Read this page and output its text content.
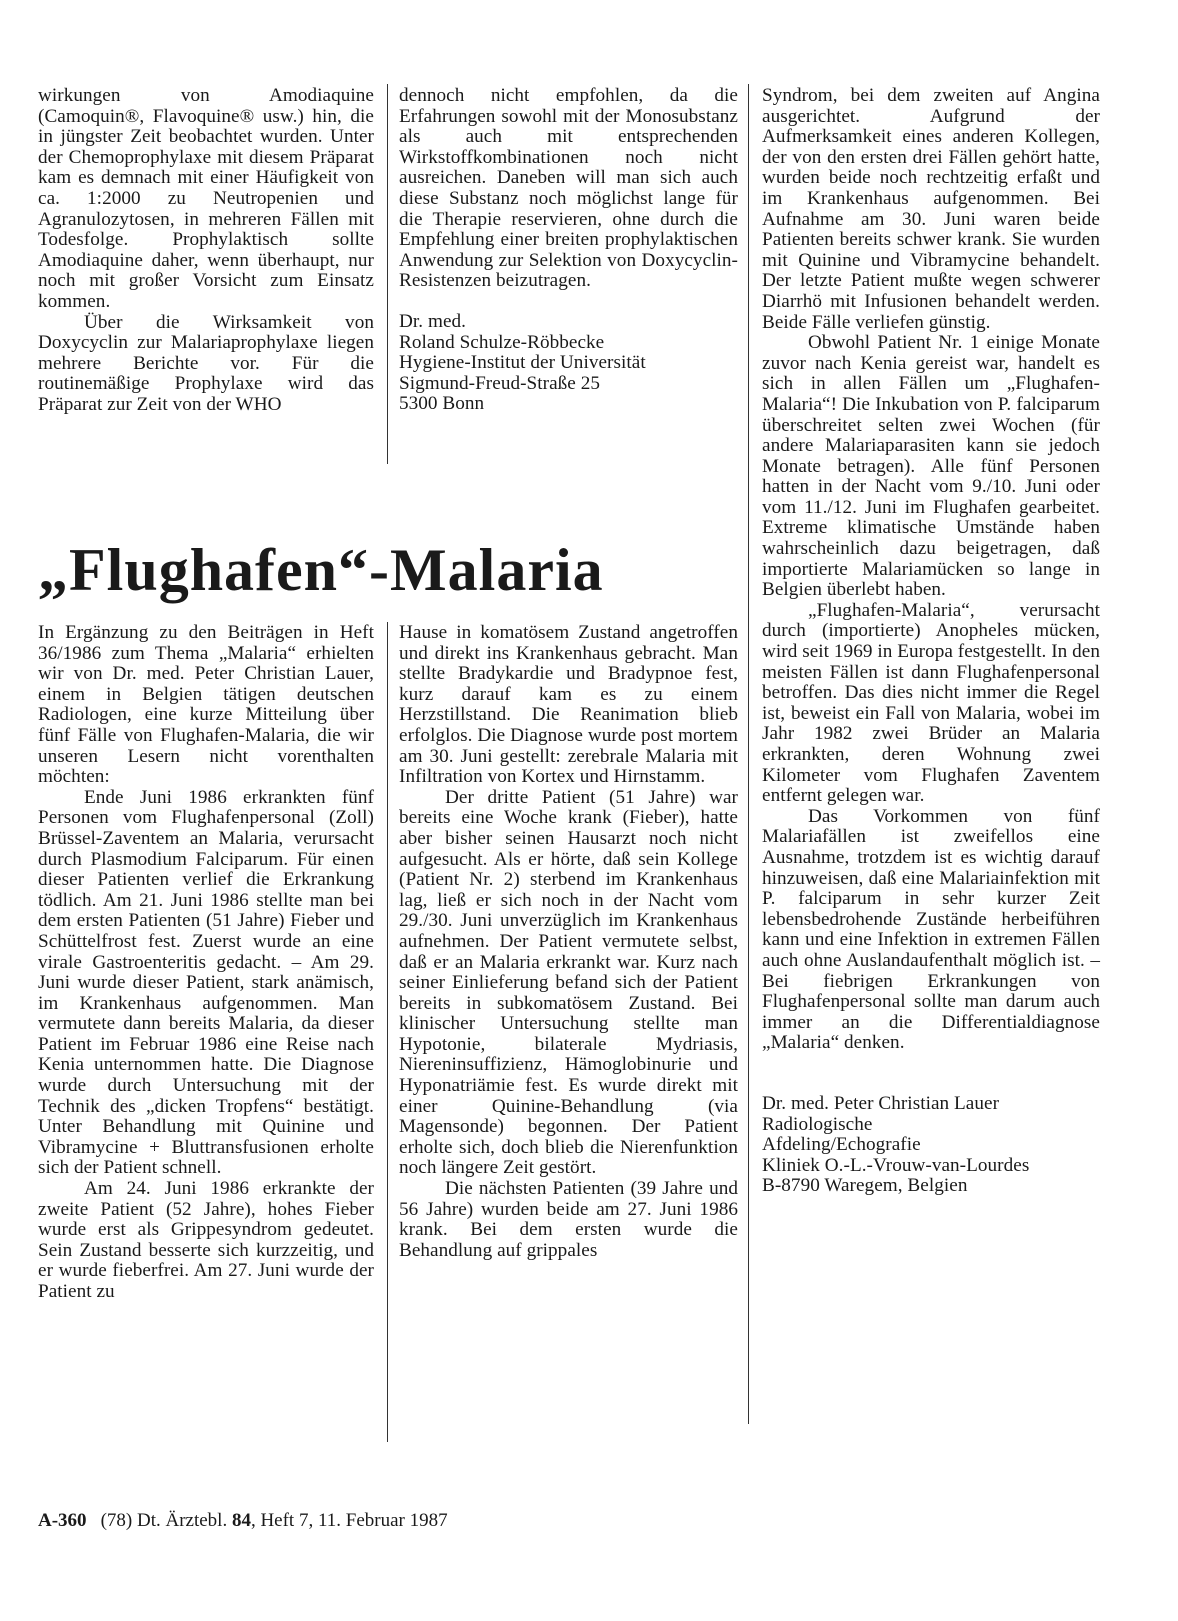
wirkungen von Amodiaquine (Camoquin®, Flavoquine® usw.) hin, die in jüngster Zeit beobachtet wurden. Unter der Chemoprophylaxe mit diesem Präparat kam es demnach mit einer Häufigkeit von ca. 1:2000 zu Neutropenien und Agranulozytosen, in mehreren Fällen mit Todesfolge. Prophylaktisch sollte Amodiaquine daher, wenn überhaupt, nur noch mit großer Vorsicht zum Einsatz kommen.

Über die Wirksamkeit von Doxycyclin zur Malariaprophylaxe liegen mehrere Berichte vor. Für die routinemäßige Prophylaxe wird das Präparat zur Zeit von der WHO

dennoch nicht empfohlen, da die Erfahrungen sowohl mit der Monosubstanz als auch mit entsprechenden Wirkstoffkombinationen noch nicht ausreichen. Daneben will man sich auch diese Substanz noch möglichst lange für die Therapie reservieren, ohne durch die Empfehlung einer breiten prophylaktischen Anwendung zur Selektion von Doxycyclin-Resistenzen beizutragen.

Dr. med.
Roland Schulze-Röbbecke
Hygiene-Institut der Universität
Sigmund-Freud-Straße 25
5300 Bonn
„Flughafen“-Malaria

In Ergänzung zu den Beiträgen in Heft 36/1986 zum Thema „Malaria“ erhielten wir von Dr. med. Peter Christian Lauer, einem in Belgien tätigen deutschen Radiologen, eine kurze Mitteilung über fünf Fälle von Flughafen-Malaria, die wir unseren Lesern nicht vorenthalten möchten:

Ende Juni 1986 erkrankten fünf Personen vom Flughafenpersonal (Zoll) Brüssel-Zaventem an Malaria, verursacht durch Plasmodium Falciparum. Für einen dieser Patienten verlief die Erkrankung tödlich. Am 21. Juni 1986 stellte man bei dem ersten Patienten (51 Jahre) Fieber und Schüttelfrost fest. Zuerst wurde an eine virale Gastroenteritis gedacht. – Am 29. Juni wurde dieser Patient, stark anämisch, im Krankenhaus aufgenommen. Man vermutete dann bereits Malaria, da dieser Patient im Februar 1986 eine Reise nach Kenia unternommen hatte. Die Diagnose wurde durch Untersuchung mit der Technik des „dicken Tropfens“ bestätigt. Unter Behandlung mit Quinine und Vibramycine + Bluttransfusionen erholte sich der Patient schnell.

Am 24. Juni 1986 erkrankte der zweite Patient (52 Jahre), hohes Fieber wurde erst als Grippesyndrom gedeutet. Sein Zustand besserte sich kurzzeitig, und er wurde fieberfrei. Am 27. Juni wurde der Patient zu

Hause in komatösem Zustand angetroffen und direkt ins Krankenhaus gebracht. Man stellte Bradykardie und Bradypnoe fest, kurz darauf kam es zu einem Herzstillstand. Die Reanimation blieb erfolglos. Die Diagnose wurde post mortem am 30. Juni gestellt: zerebrale Malaria mit Infiltration von Kortex und Hirnstamm.

Der dritte Patient (51 Jahre) war bereits eine Woche krank (Fieber), hatte aber bisher seinen Hausarzt noch nicht aufgesucht. Als er hörte, daß sein Kollege (Patient Nr. 2) sterbend im Krankenhaus lag, ließ er sich noch in der Nacht vom 29./30. Juni unverzüglich im Krankenhaus aufnehmen. Der Patient vermutete selbst, daß er an Malaria erkrankt war. Kurz nach seiner Einlieferung befand sich der Patient bereits in subkomatösem Zustand. Bei klinischer Untersuchung stellte man Hypotonie, bilaterale Mydriasis, Niereninsuffizienz, Hämoglobinurie und Hyponatriämie fest. Es wurde direkt mit einer Quinine-Behandlung (via Magensonde) begonnen. Der Patient erholte sich, doch blieb die Nierenfunktion noch längere Zeit gestört.

Die nächsten Patienten (39 Jahre und 56 Jahre) wurden beide am 27. Juni 1986 krank. Bei dem ersten wurde die Behandlung auf grippales

Syndrom, bei dem zweiten auf Angina ausgerichtet. Aufgrund der Aufmerksamkeit eines anderen Kollegen, der von den ersten drei Fällen gehört hatte, wurden beide noch rechtzeitig erfaßt und im Krankenhaus aufgenommen. Bei Aufnahme am 30. Juni waren beide Patienten bereits schwer krank. Sie wurden mit Quinine und Vibramycine behandelt. Der letzte Patient mußte wegen schwerer Diarrhö mit Infusionen behandelt werden. Beide Fälle verliefen günstig.

Obwohl Patient Nr. 1 einige Monate zuvor nach Kenia gereist war, handelt es sich in allen Fällen um „Flughafen-Malaria“! Die Inkubation von P. falciparum überschreitet selten zwei Wochen (für andere Malariaparasiten kann sie jedoch Monate betragen). Alle fünf Personen hatten in der Nacht vom 9./10. Juni oder vom 11./12. Juni im Flughafen gearbeitet. Extreme klimatische Umstände haben wahrscheinlich dazu beigetragen, daß importierte Malariamücken so lange in Belgien überlebt haben.

„Flughafen-Malaria“, verursacht durch (importierte) Anopheles mücken, wird seit 1969 in Europa festgestellt. In den meisten Fällen ist dann Flughafenpersonal betroffen. Das dies nicht immer die Regel ist, beweist ein Fall von Malaria, wobei im Jahr 1982 zwei Brüder an Malaria erkrankten, deren Wohnung zwei Kilometer vom Flughafen Zaventem entfernt gelegen war.

Das Vorkommen von fünf Malariafällen ist zweifellos eine Ausnahme, trotzdem ist es wichtig darauf hinzuweisen, daß eine Malariainfektion mit P. falciparum in sehr kurzer Zeit lebensbedrohende Zustände herbeiführen kann und eine Infektion in extremen Fällen auch ohne Auslandaufenthalt möglich ist. – Bei fiebrigen Erkrankungen von Flughafenpersonal sollte man darum auch immer an die Differentialdiagnose „Malaria“ denken.

Dr. med. Peter Christian Lauer
Radiologische
Afdeling/Echografie
Kliniek O.-L.-Vrouw-van-Lourdes
B-8790 Waregem, Belgien
A-360 (78) Dt. Ärztebl. 84, Heft 7, 11. Februar 1987
